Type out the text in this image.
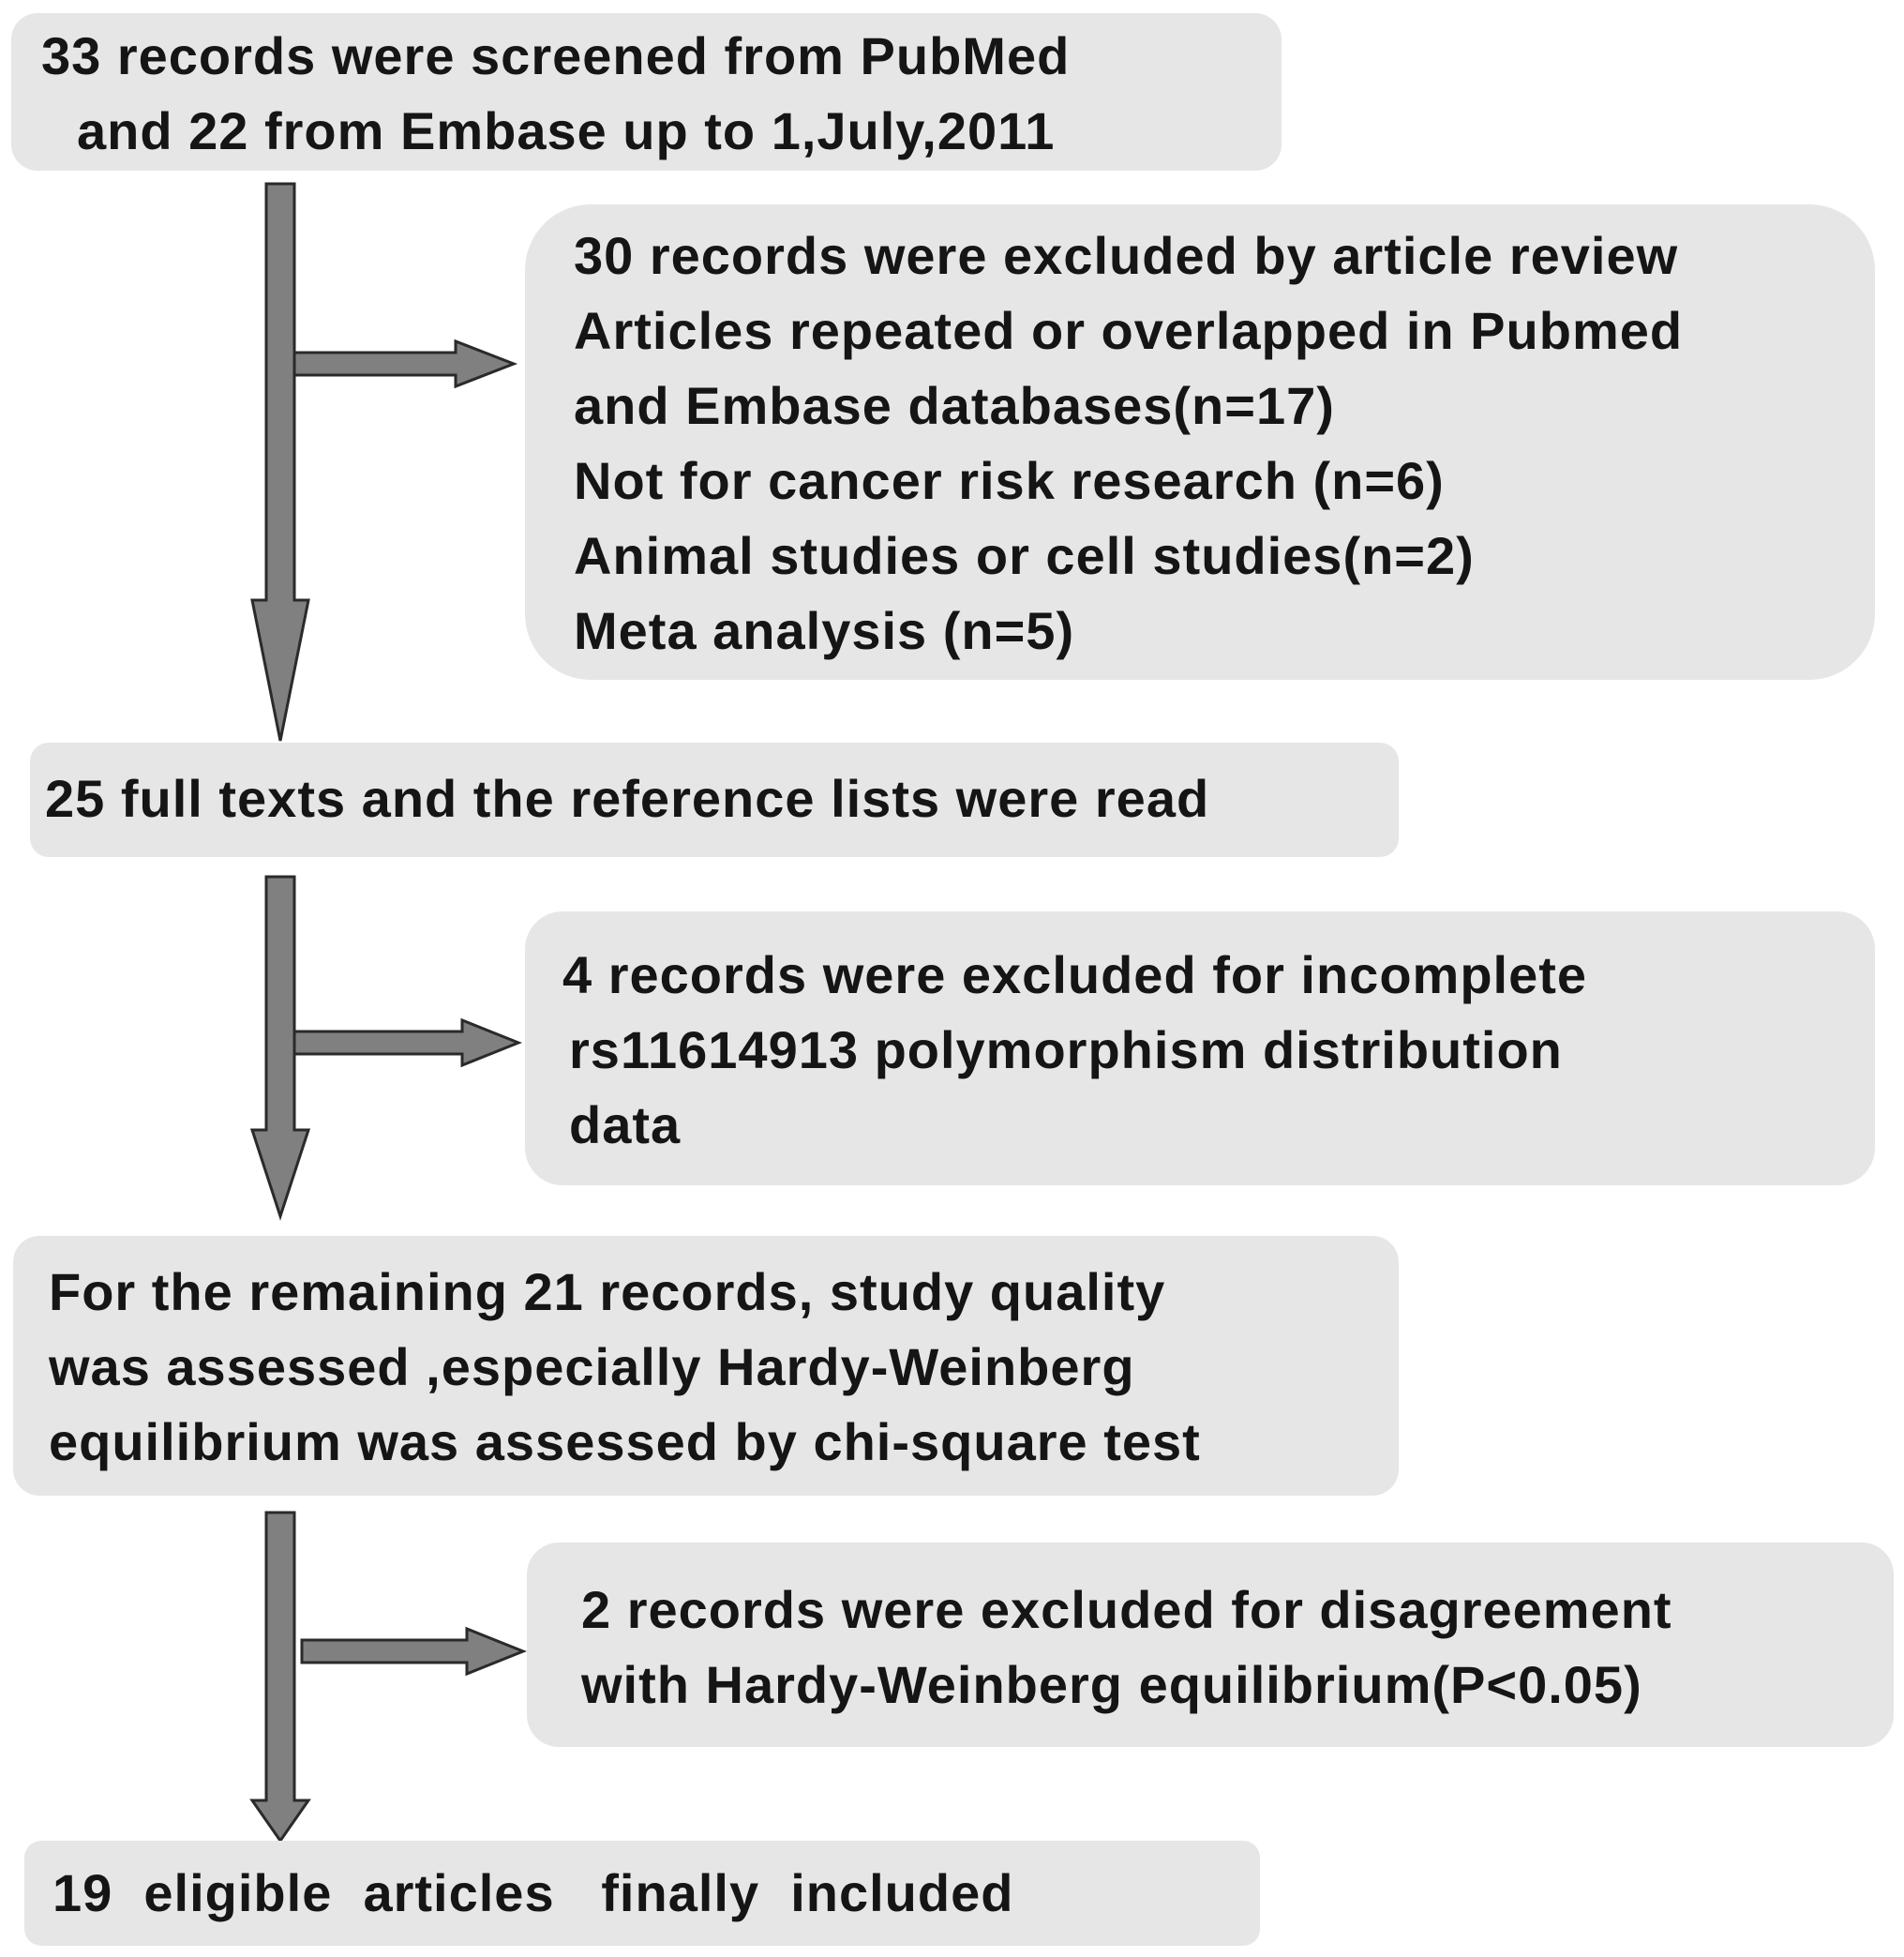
33 records were screened from PubMed
and 22 from Embase up to 1,July,2011
30 records were excluded by article review
Articles repeated or overlapped in Pubmed
and Embase databases(n=17)
Not for cancer risk research (n=6)
Animal studies or cell studies(n=2)
Meta analysis (n=5)
25 full texts and the reference lists were read
4 records were excluded for incomplete
rs11614913 polymorphism distribution
data
For the remaining 21 records, study quality
was assessed ,especially Hardy-Weinberg
equilibrium was assessed by chi-square test
2 records were excluded for disagreement
with Hardy-Weinberg equilibrium(P<0.05)
19  eligible  articles   finally  included
